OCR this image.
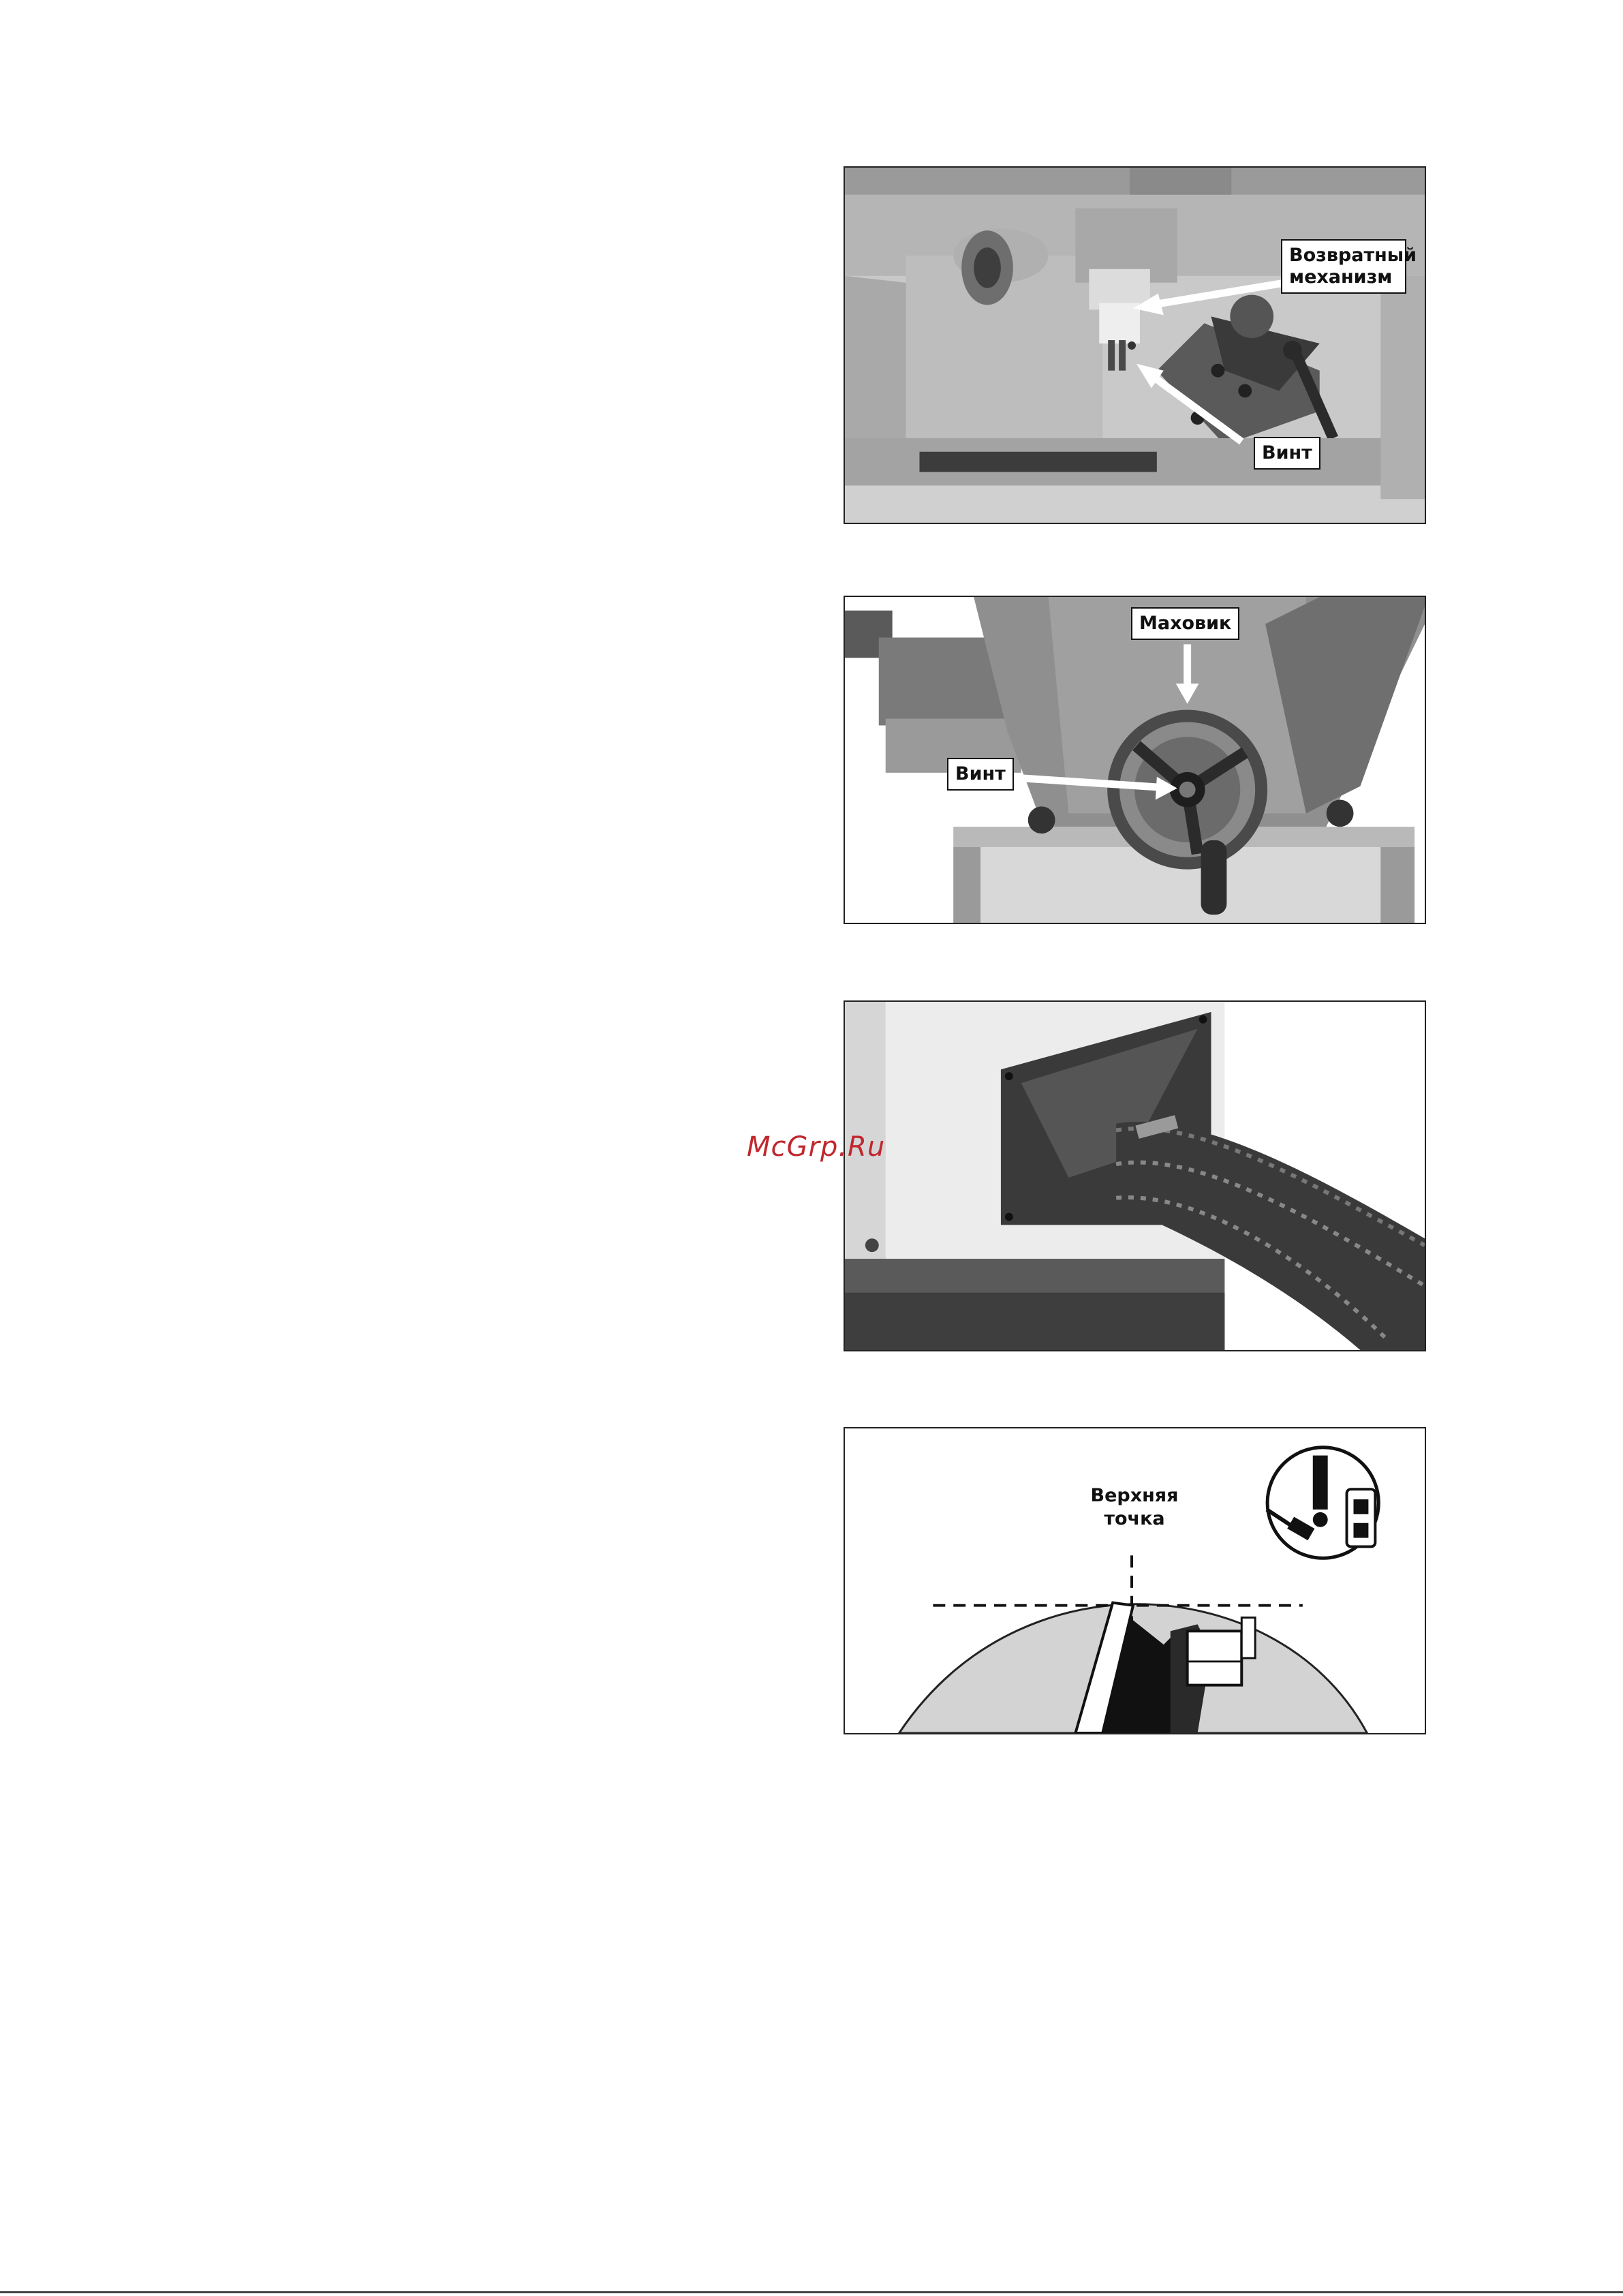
Возвратный механизм
Винт
Маховик
Винт
Верхняя точка
McGrp.Ru
